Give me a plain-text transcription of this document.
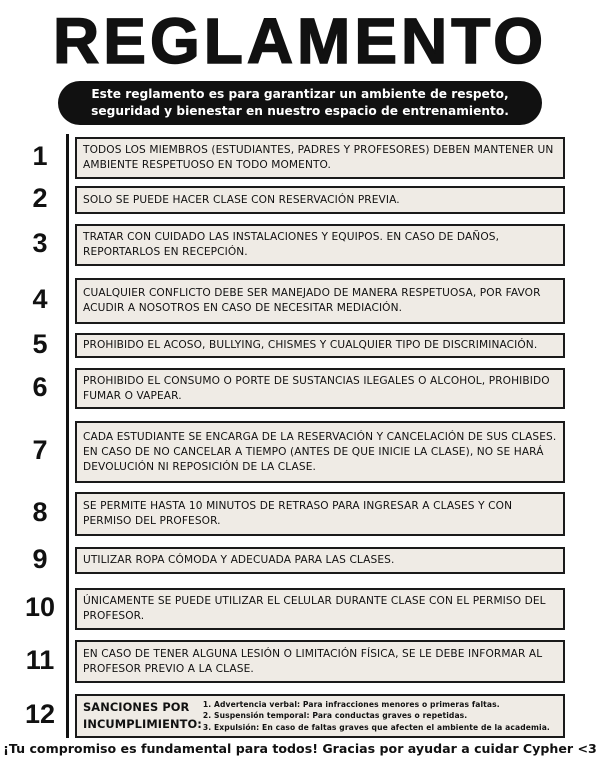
REGLAMENTO
Este reglamento es para garantizar un ambiente de respeto, seguridad y bienestar en nuestro espacio de entrenamiento.
1	TODOS LOS MIEMBROS (ESTUDIANTES, PADRES Y PROFESORES) DEBEN MANTENER UN AMBIENTE RESPETUOSO EN TODO MOMENTO.
2	SOLO SE PUEDE HACER CLASE CON RESERVACIÓN PREVIA.
3	TRATAR CON CUIDADO LAS INSTALACIONES Y EQUIPOS. EN CASO DE DAÑOS, REPORTARLOS EN RECEPCIÓN.
4	CUALQUIER CONFLICTO DEBE SER MANEJADO DE MANERA RESPETUOSA, POR FAVOR ACUDIR A NOSOTROS EN CASO DE NECESITAR MEDIACIÓN.
5	PROHIBIDO EL ACOSO, BULLYING, CHISMES Y CUALQUIER TIPO DE DISCRIMINACIÓN.
6	PROHIBIDO EL CONSUMO O PORTE DE SUSTANCIAS ILEGALES O ALCOHOL, PROHIBIDO FUMAR O VAPEAR.
7	CADA ESTUDIANTE SE ENCARGA DE LA RESERVACIÓN Y CANCELACIÓN DE SUS CLASES. EN CASO DE NO CANCELAR A TIEMPO (ANTES DE QUE INICIE LA CLASE), NO SE HARÁ DEVOLUCIÓN NI REPOSICIÓN DE LA CLASE.
8	SE PERMITE HASTA 10 MINUTOS DE RETRASO PARA INGRESAR A CLASES Y CON PERMISO DEL PROFESOR.
9	UTILIZAR ROPA CÓMODA Y ADECUADA PARA LAS CLASES.
10	ÚNICAMENTE SE PUEDE UTILIZAR EL CELULAR DURANTE CLASE CON EL PERMISO DEL PROFESOR.
11	EN CASO DE TENER ALGUNA LESIÓN O LIMITACIÓN FÍSICA, SE LE DEBE INFORMAR AL PROFESOR PREVIO A LA CLASE.
12	SANCIONES POR INCUMPLIMIENTO:
1. Advertencia verbal: Para infracciones menores o primeras faltas.
2. Suspensión temporal: Para conductas graves o repetidas.
3. Expulsión: En caso de faltas graves que afecten el ambiente de la academia.
¡Tu compromiso es fundamental para todos! Gracias por ayudar a cuidar Cypher <3
